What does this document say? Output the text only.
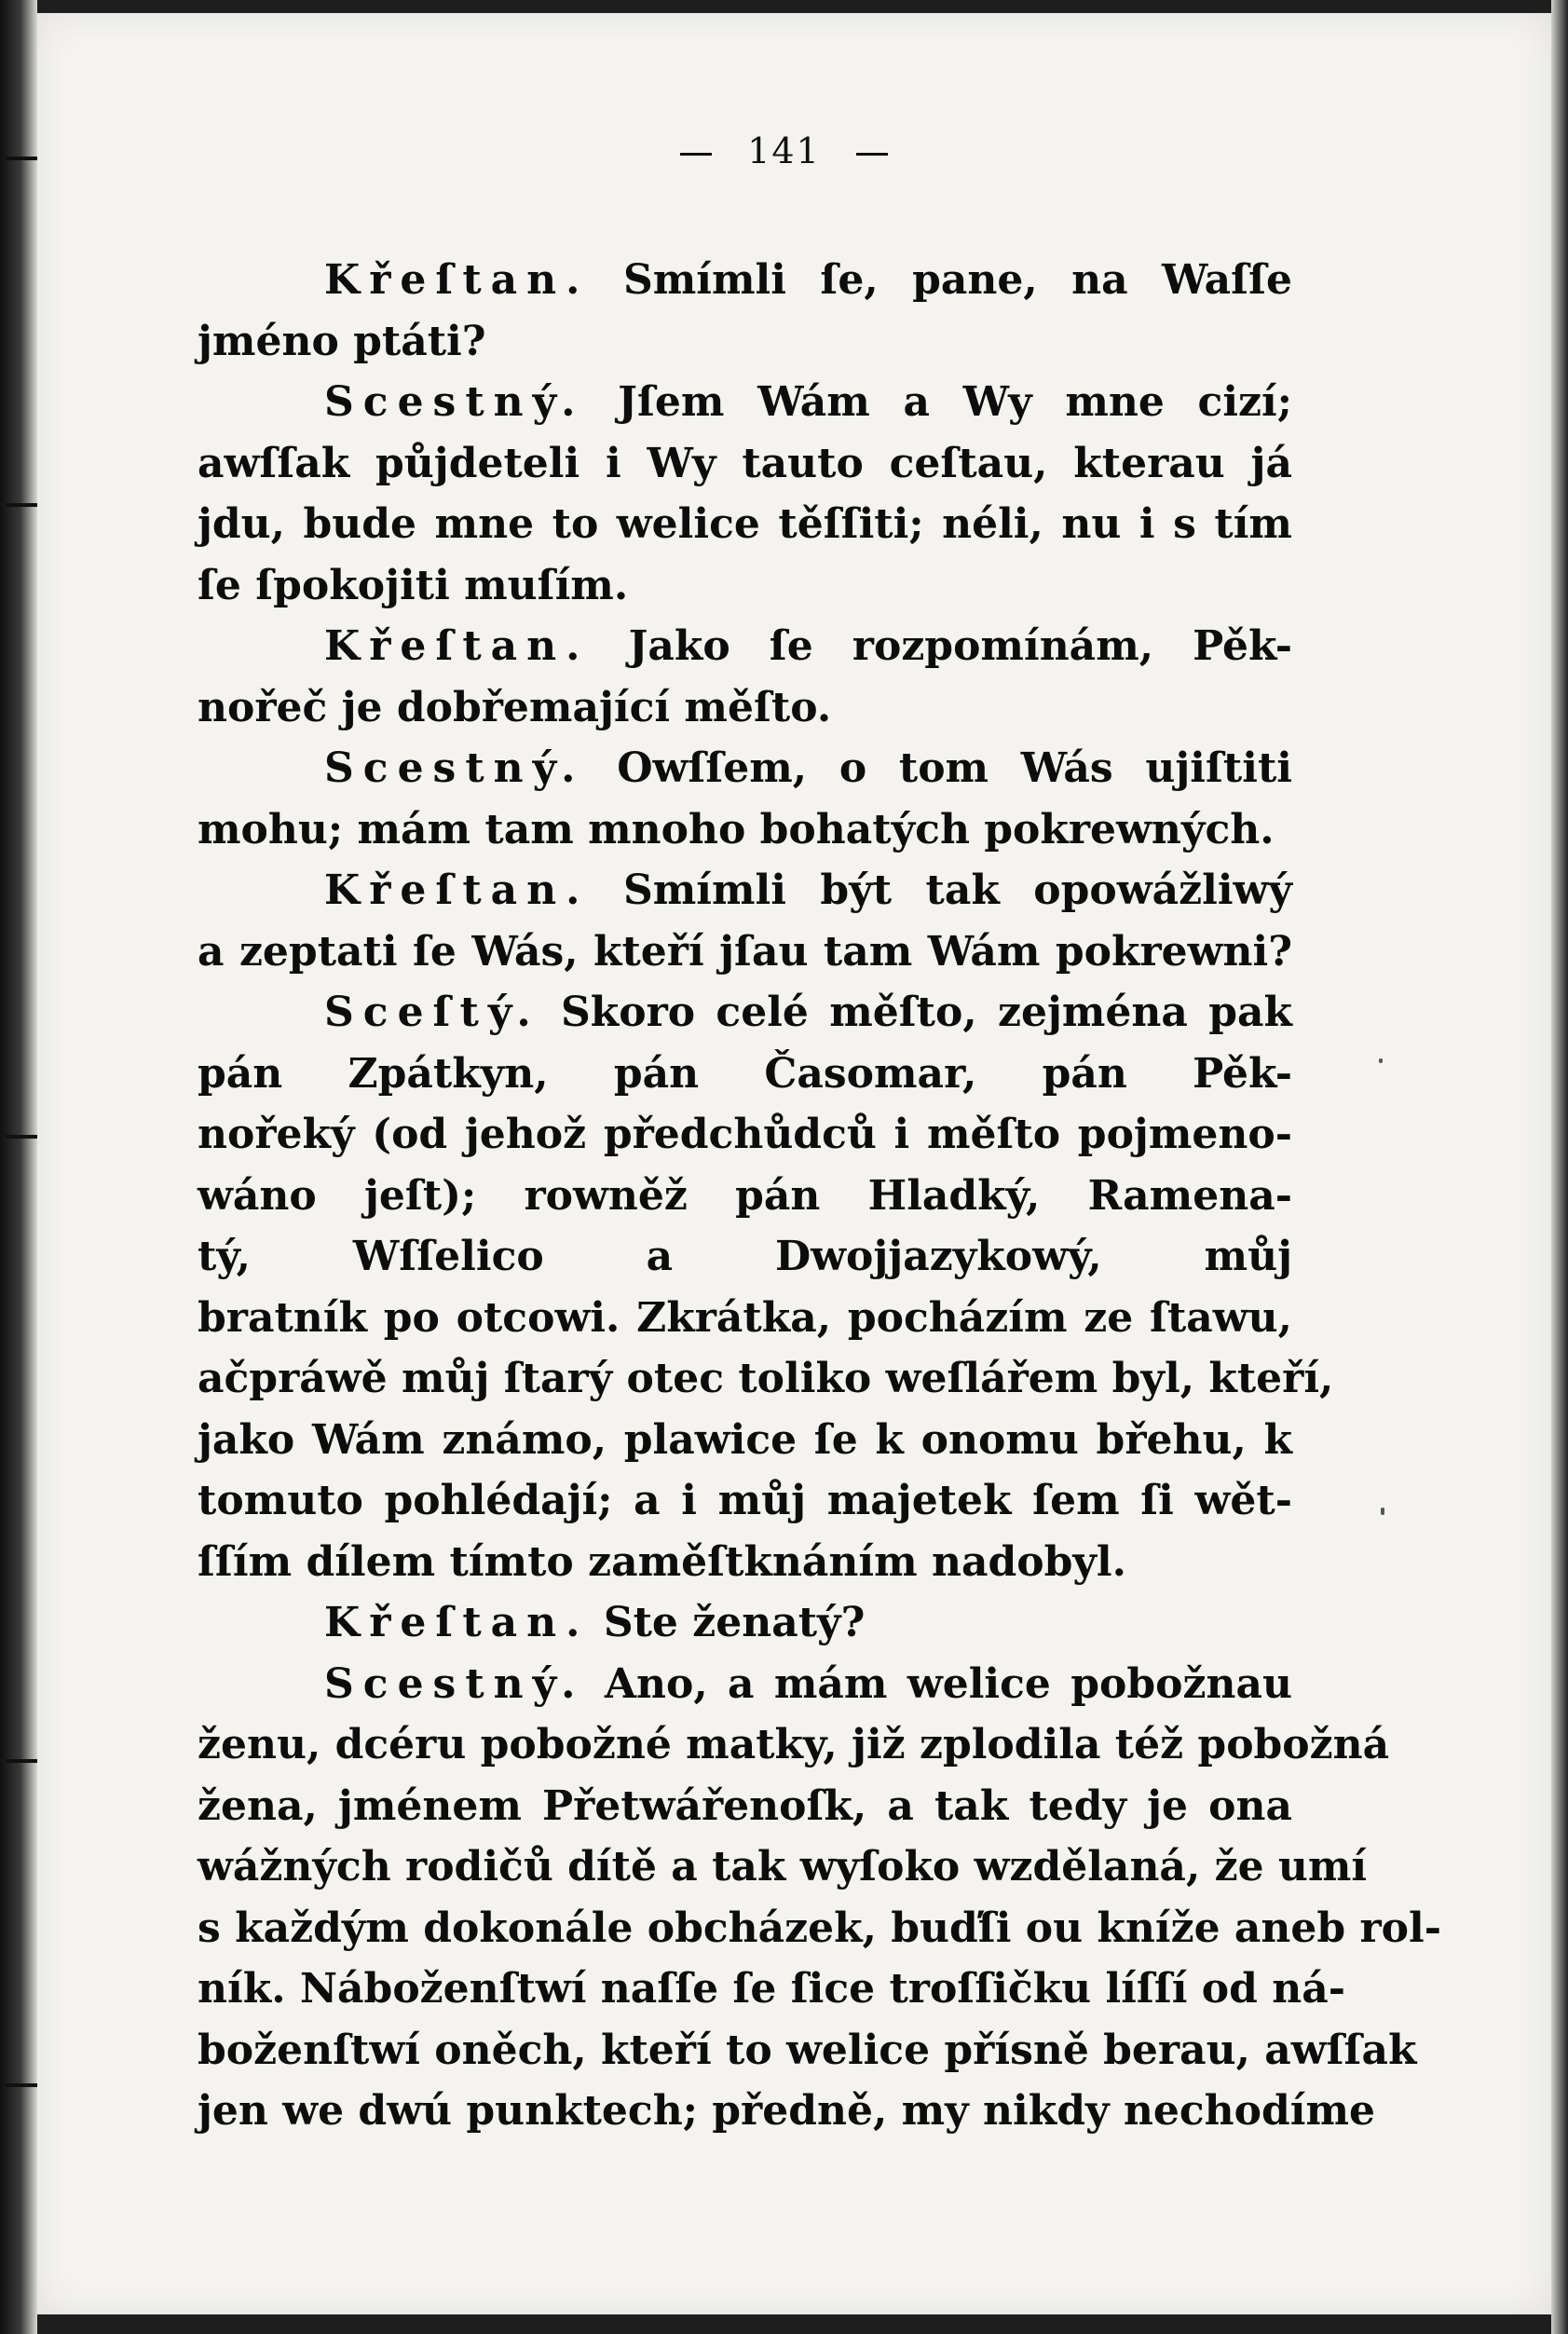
141
Křeſtan. Smímli ſe, pane, na Waſſe
jméno ptáti?
Scestný. Jſem Wám a Wy mne cizí;
awſſak půjdeteli i Wy tauto ceſtau, kterau já
jdu, bude mne to welice těſſiti; néli, nu i s tím
ſe ſpokojiti muſím.
Křeſtan. Jako ſe rozpomínám, Pěk-
nořeč je dobřemající měſto.
Scestný. Owſſem, o tom Wás ujiſtiti
mohu; mám tam mnoho bohatých pokrewných.
Křeſtan. Smímli být tak opowážliwý
a zeptati ſe Wás, kteří jſau tam Wám pokrewni?
Sceſtý. Skoro celé měſto, zejména pak
pán Zpátkyn, pán Časomar, pán Pěk-
nořeký (od jehož předchůdců i měſto pojmeno-
wáno jeſt); rowněž pán Hladký, Ramena-
tý, Wſſelico a Dwojjazykowý, můj
bratník po otcowi. Zkrátka, pocházím ze ſtawu,
ačpráwě můj ſtarý otec toliko weſlářem byl, kteří,
jako Wám známo, plawice ſe k onomu břehu, k
tomuto pohlédají; a i můj majetek ſem ſi wět-
ſſím dílem tímto zaměſtknáním nadobyl.
Křeſtan. Ste ženatý?
Scestný. Ano, a mám welice pobožnau
ženu, dcéru pobožné matky, již zplodila též pobožná
žena, jménem Přetwářenoſk, a tak tedy je ona
wážných rodičů dítě a tak wyſoko wzdělaná, že umí
s každým dokonále obcházek, buďſi ou kníže aneb rol-
ník. Náboženſtwí naſſe ſe ſice troſſičku líſſí od ná-
boženſtwí oněch, kteří to welice přísně berau, awſſak
jen we dwú punktech; předně, my nikdy nechodíme
